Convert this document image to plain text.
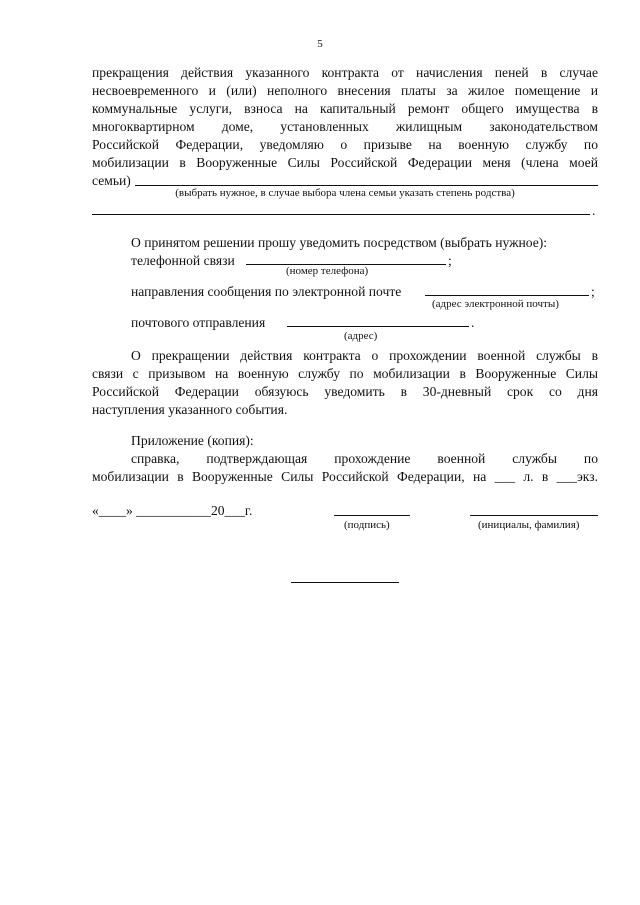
5
прекращения действия указанного контракта от начисления пеней в случае
несвоевременного и (или) неполного внесения платы за жилое помещение и
коммунальные услуги, взноса на капитальный ремонт общего имущества в
многоквартирном доме, установленных жилищным законодательством
Российской Федерации, уведомляю о призыве на военную службу по
мобилизации в Вооруженные Силы Российской Федерации меня (члена моей
семьи)
(выбрать нужное, в случае выбора члена семьи указать степень родства)
.
О принятом решении прошу уведомить посредством (выбрать нужное):
телефонной связи	;
(номер телефона)
направления сообщения по электронной почте	;
(адрес электронной почты)
почтового отправления	.
(адрес)
О прекращении действия контракта о прохождении военной службы в
связи с призывом на военную службу по мобилизации в Вооруженные Силы
Российской Федерации обязуюсь уведомить в 30-дневный срок со дня
наступления указанного события.
Приложение (копия):
справка, подтверждающая прохождение военной службы по
мобилизации в Вооруженные Силы Российской Федерации, на ___ л. в ___экз.
«____» ___________20___г.
(подпись)	(инициалы, фамилия)
